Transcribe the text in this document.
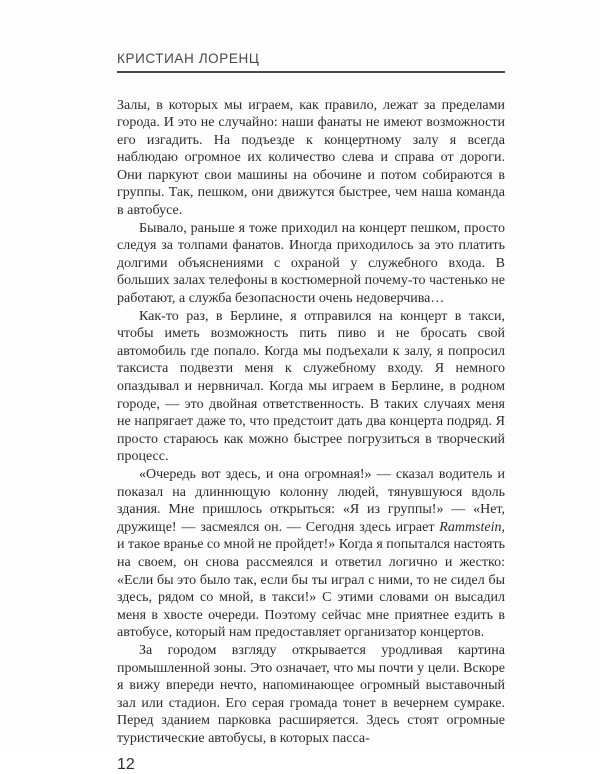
КРИСТИАН ЛОРЕНЦ

Залы, в которых мы играем, как правило, лежат за пределами города. И это не случайно: наши фанаты не имеют возможности его изгадить. На подъезде к концертному залу я всегда наблюдаю огромное их количество слева и справа от дороги. Они паркуют свои машины на обочине и потом собираются в группы. Так, пешком, они движутся быстрее, чем наша команда в автобусе.

Бывало, раньше я тоже приходил на концерт пешком, просто следуя за толпами фанатов. Иногда приходилось за это платить долгими объяснениями с охраной у служебного входа. В больших залах телефоны в костюмерной почему-то частенько не работают, а служба безопасности очень недоверчива…

Как-то раз, в Берлине, я отправился на концерт в такси, чтобы иметь возможность пить пиво и не бросать свой автомобиль где попало. Когда мы подъехали к залу, я попросил таксиста подвезти меня к служебному входу. Я немного опаздывал и нервничал. Когда мы играем в Берлине, в родном городе, — это двойная ответственность. В таких случаях меня не напрягает даже то, что предстоит дать два концерта подряд. Я просто стараюсь как можно быстрее погрузиться в творческий процесс.

«Очередь вот здесь, и она огромная!» — сказал водитель и показал на длиннющую колонну людей, тянувшуюся вдоль здания. Мне пришлось открыться: «Я из группы!» — «Нет, дружище! — засмеялся он. — Сегодня здесь играет Rammstein, и такое вранье со мной не пройдет!» Когда я попытался настоять на своем, он снова рассмеялся и ответил логично и жестко: «Если бы это было так, если бы ты играл с ними, то не сидел бы здесь, рядом со мной, в такси!» С этими словами он высадил меня в хвосте очереди. Поэтому сейчас мне приятнее ездить в автобусе, который нам предоставляет организатор концертов.

За городом взгляду открывается уродливая картина промышленной зоны. Это означает, что мы почти у цели. Вскоре я вижу впереди нечто, напоминающее огромный выставочный зал или стадион. Его серая громада тонет в вечернем сумраке. Перед зданием парковка расширяется. Здесь стоят огромные туристические автобусы, в которых пасса-

12
